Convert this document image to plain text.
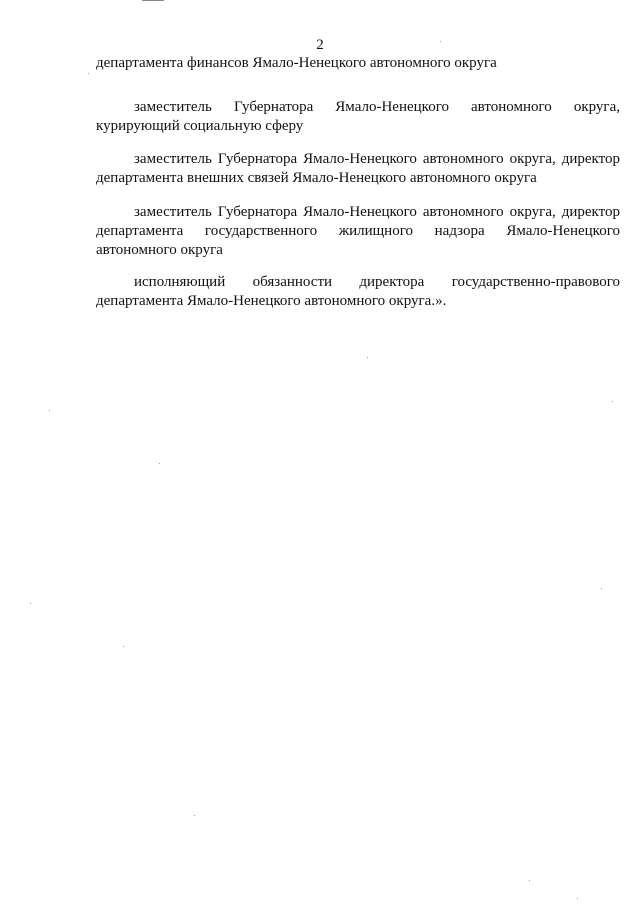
2

департамента финансов Ямало-Ненецкого автономного округа

заместитель Губернатора Ямало-Ненецкого автономного округа, курирующий социальную сферу

заместитель Губернатора Ямало-Ненецкого автономного округа, директор департамента внешних связей Ямало-Ненецкого автономного округа

заместитель Губернатора Ямало-Ненецкого автономного округа, директор департамента государственного жилищного надзора Ямало-Ненецкого автономного округа

исполняющий обязанности директора государственно-правового департамента Ямало-Ненецкого автономного округа.».
